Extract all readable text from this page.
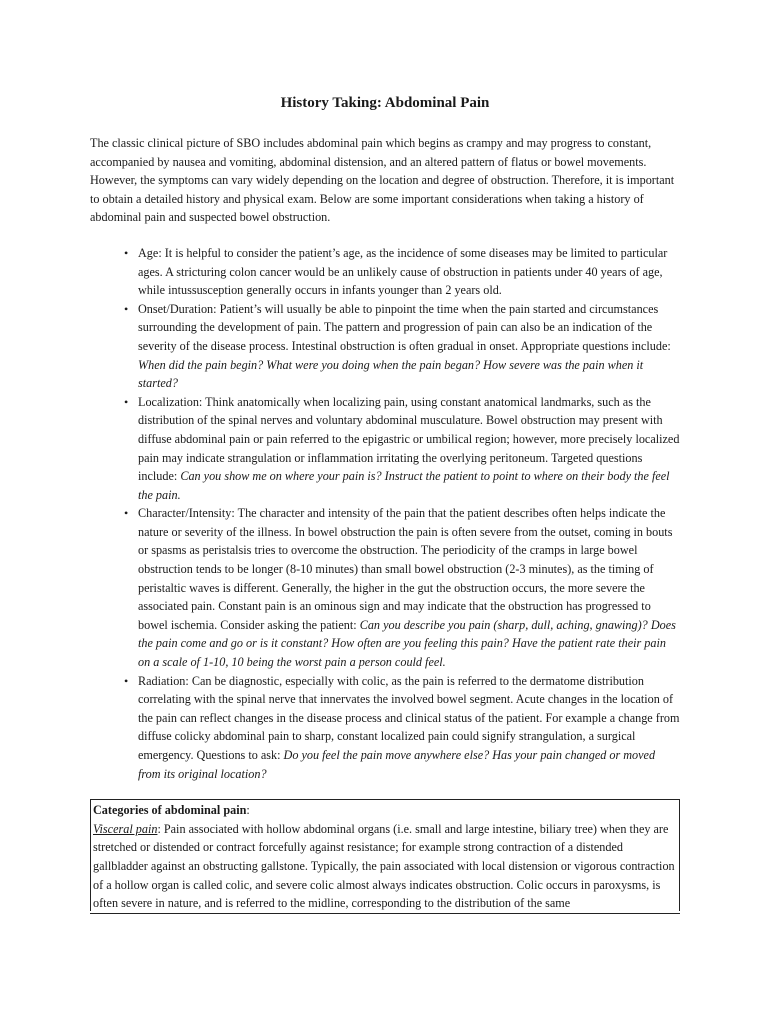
History Taking: Abdominal Pain

The classic clinical picture of SBO includes abdominal pain which begins as crampy and may progress to constant, accompanied by nausea and vomiting, abdominal distension, and an altered pattern of flatus or bowel movements. However, the symptoms can vary widely depending on the location and degree of obstruction. Therefore, it is important to obtain a detailed history and physical exam. Below are some important considerations when taking a history of abdominal pain and suspected bowel obstruction.

• Age: It is helpful to consider the patient’s age, as the incidence of some diseases may be limited to particular ages. A stricturing colon cancer would be an unlikely cause of obstruction in patients under 40 years of age, while intussusception generally occurs in infants younger than 2 years old.
• Onset/Duration: Patient’s will usually be able to pinpoint the time when the pain started and circumstances surrounding the development of pain. The pattern and progression of pain can also be an indication of the severity of the disease process. Intestinal obstruction is often gradual in onset. Appropriate questions include: When did the pain begin? What were you doing when the pain began? How severe was the pain when it started?
• Localization: Think anatomically when localizing pain, using constant anatomical landmarks, such as the distribution of the spinal nerves and voluntary abdominal musculature. Bowel obstruction may present with diffuse abdominal pain or pain referred to the epigastric or umbilical region; however, more precisely localized pain may indicate strangulation or inflammation irritating the overlying peritoneum. Targeted questions include: Can you show me on where your pain is? Instruct the patient to point to where on their body the feel the pain.
• Character/Intensity: The character and intensity of the pain that the patient describes often helps indicate the nature or severity of the illness. In bowel obstruction the pain is often severe from the outset, coming in bouts or spasms as peristalsis tries to overcome the obstruction. The periodicity of the cramps in large bowel obstruction tends to be longer (8-10 minutes) than small bowel obstruction (2-3 minutes), as the timing of peristaltic waves is different. Generally, the higher in the gut the obstruction occurs, the more severe the associated pain. Constant pain is an ominous sign and may indicate that the obstruction has progressed to bowel ischemia. Consider asking the patient: Can you describe you pain (sharp, dull, aching, gnawing)? Does the pain come and go or is it constant? How often are you feeling this pain? Have the patient rate their pain on a scale of 1-10, 10 being the worst pain a person could feel.
• Radiation: Can be diagnostic, especially with colic, as the pain is referred to the dermatome distribution correlating with the spinal nerve that innervates the involved bowel segment. Acute changes in the location of the pain can reflect changes in the disease process and clinical status of the patient. For example a change from diffuse colicky abdominal pain to sharp, constant localized pain could signify strangulation, a surgical emergency. Questions to ask: Do you feel the pain move anywhere else? Has your pain changed or moved from its original location?
Categories of abdominal pain:
Visceral pain: Pain associated with hollow abdominal organs (i.e. small and large intestine, biliary tree) when they are stretched or distended or contract forcefully against resistance; for example strong contraction of a distended gallbladder against an obstructing gallstone. Typically, the pain associated with local distension or vigorous contraction of a hollow organ is called colic, and severe colic almost always indicates obstruction. Colic occurs in paroxysms, is often severe in nature, and is referred to the midline, corresponding to the distribution of the same
